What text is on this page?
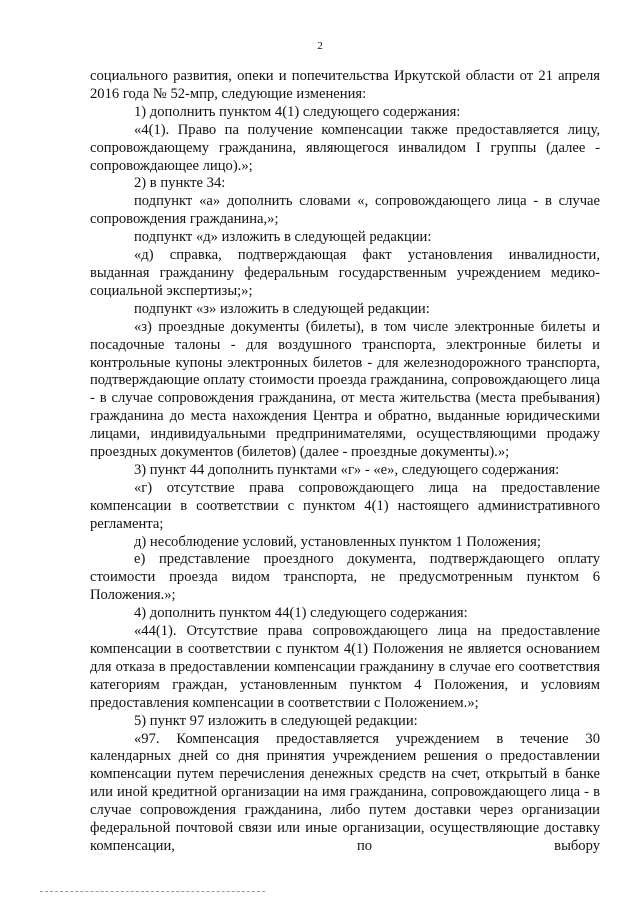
2

социального развития, опеки и попечительства Иркутской области от 21 апреля 2016 года № 52-мпр, следующие изменения:

1) дополнить пунктом 4(1) следующего содержания:

«4(1). Право па получение компенсации также предоставляется лицу, сопровождающему гражданина, являющегося инвалидом I группы (далее - сопровождающее лицо).»;

2) в пункте 34:

подпункт «а» дополнить словами «, сопровождающего лица - в случае сопровождения гражданина,»;

подпункт «д» изложить в следующей редакции:

«д) справка, подтверждающая факт установления инвалидности, выданная гражданину федеральным государственным учреждением медико-социальной экспертизы;»;

подпункт «з» изложить в следующей редакции:

«з) проездные документы (билеты), в том числе электронные билеты и посадочные талоны - для воздушного транспорта, электронные билеты и контрольные купоны электронных билетов - для железнодорожного транспорта, подтверждающие оплату стоимости проезда гражданина, сопровождающего лица - в случае сопровождения гражданина, от места жительства (места пребывания) гражданина до места нахождения Центра и обратно, выданные юридическими лицами, индивидуальными предпринимателями, осуществляющими продажу проездных документов (билетов) (далее - проездные документы).»;

3) пункт 44 дополнить пунктами «г» - «е», следующего содержания:

«г) отсутствие права сопровождающего лица на предоставление компенсации в соответствии с пунктом 4(1) настоящего административного регламента;

д) несоблюдение условий, установленных пунктом 1 Положения;

е) представление проездного документа, подтверждающего оплату стоимости проезда видом транспорта, не предусмотренным пунктом 6 Положения.»;

4) дополнить пунктом 44(1) следующего содержания:

«44(1). Отсутствие права сопровождающего лица на предоставление компенсации в соответствии с пунктом 4(1) Положения не является основанием для отказа в предоставлении компенсации гражданину в случае его соответствия категориям граждан, установленным пунктом 4 Положения, и условиям предоставления компенсации в соответствии с Положением.»;

5) пункт 97 изложить в следующей редакции:

«97. Компенсация предоставляется учреждением в течение 30 календарных дней со дня принятия учреждением решения о предоставлении компенсации путем перечисления денежных средств на счет, открытый в банке или иной кредитной организации на имя гражданина, сопровождающего лица - в случае сопровождения гражданина, либо путем доставки через организации федеральной почтовой связи или иные организации, осуществляющие доставку компенсации, по выбору
